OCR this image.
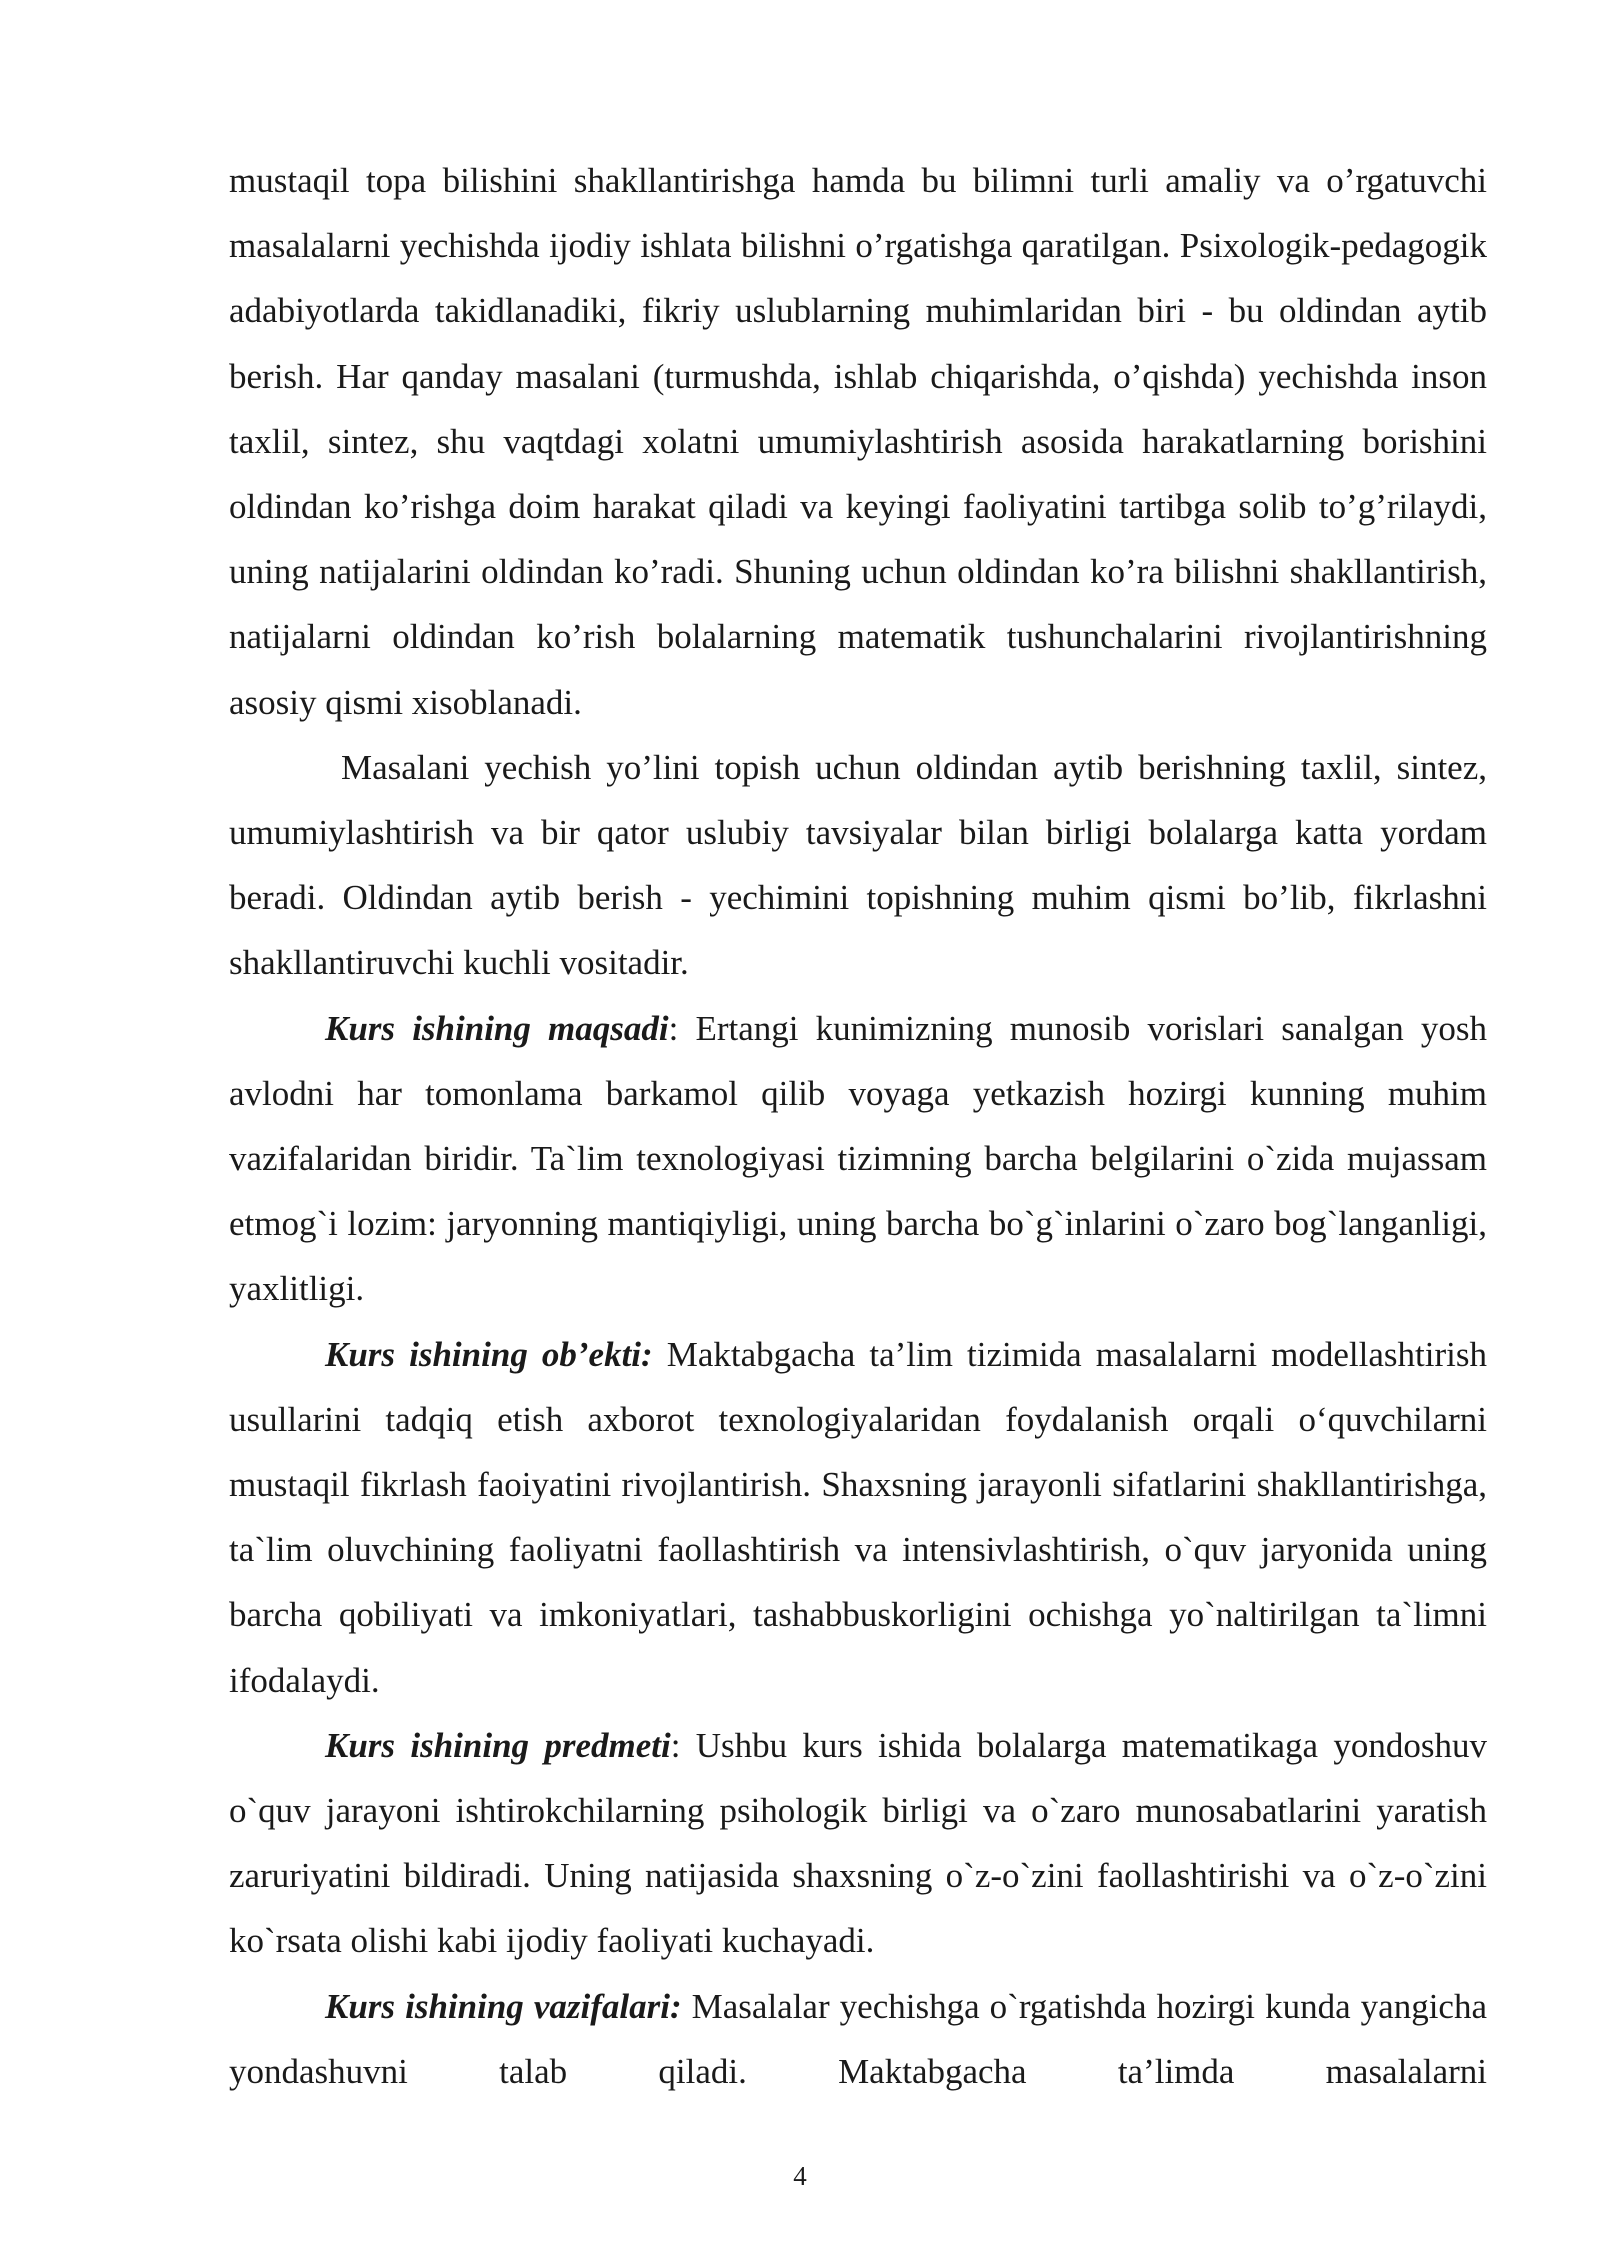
mustaqil topa bilishini shakllantirishga hamda bu bilimni turli amaliy va o’rgatuvchi masalalarni yechishda ijodiy ishlata bilishni o’rgatishga qaratilgan. Psixologik-pedagogik adabiyotlarda takidlanadiki, fikriy uslublarning muhimlaridan biri - bu oldindan aytib berish. Har qanday masalani (turmushda, ishlab chiqarishda, o’qishda) yechishda inson taxlil, sintez, shu vaqtdagi xolatni umumiylashtirish asosida harakatlarning borishini oldindan ko’rishga doim harakat qiladi va keyingi faoliyatini tartibga solib to’g’rilaydi, uning natijalarini oldindan ko’radi. Shuning uchun oldindan ko’ra bilishni shakllantirish, natijalarni oldindan ko’rish bolalarning matematik tushunchalarini rivojlantirishning asosiy qismi xisoblanadi.

Masalani yechish yo’lini topish uchun oldindan aytib berishning taxlil, sintez, umumiylashtirish va bir qator uslubiy tavsiyalar bilan birligi bolalarga katta yordam beradi. Oldindan aytib berish - yechimini topishning muhim qismi bo’lib, fikrlashni shakllantiruvchi kuchli vositadir.

Kurs ishining maqsadi: Ertangi kunimizning munosib vorislari sanalgan yosh avlodni har tomonlama barkamol qilib voyaga yetkazish hozirgi kunning muhim vazifalaridan biridir. Ta`lim texnologiyasi tizimning barcha belgilarini o`zida mujassam etmog`i lozim: jaryonning mantiqiyligi, uning barcha bo`g`inlarini o`zaro bog`langanligi, yaxlitligi.

Kurs ishining ob’ekti: Maktabgacha ta’lim tizimida masalalarni modellashtirish usullarini tadqiq etish axborot texnologiyalaridan foydalanish orqali o‘quvchilarni mustaqil fikrlash faoiyatini rivojlantirish. Shaxsning jarayonli sifatlarini shakllantirishga, ta`lim oluvchining faoliyatni faollashtirish va intensivlashtirish, o`quv jaryonida uning barcha qobiliyati va imkoniyatlari, tashabbuskorligini ochishga yo`naltirilgan ta`limni ifodalaydi.

Kurs ishining predmeti: Ushbu kurs ishida bolalarga matematikaga yondoshuv o`quv jarayoni ishtirokchilarning psihologik birligi va o`zaro munosabatlarini yaratish zaruriyatini bildiradi. Uning natijasida shaxsning o`z-o`zini faollashtirishi va o`z-o`zini ko`rsata olishi kabi ijodiy faoliyati kuchayadi.

Kurs ishining vazifalari: Masalalar yechishga o`rgatishda hozirgi kunda yangicha yondashuvni talab qiladi. Maktabgacha ta’limda masalalarni

4
